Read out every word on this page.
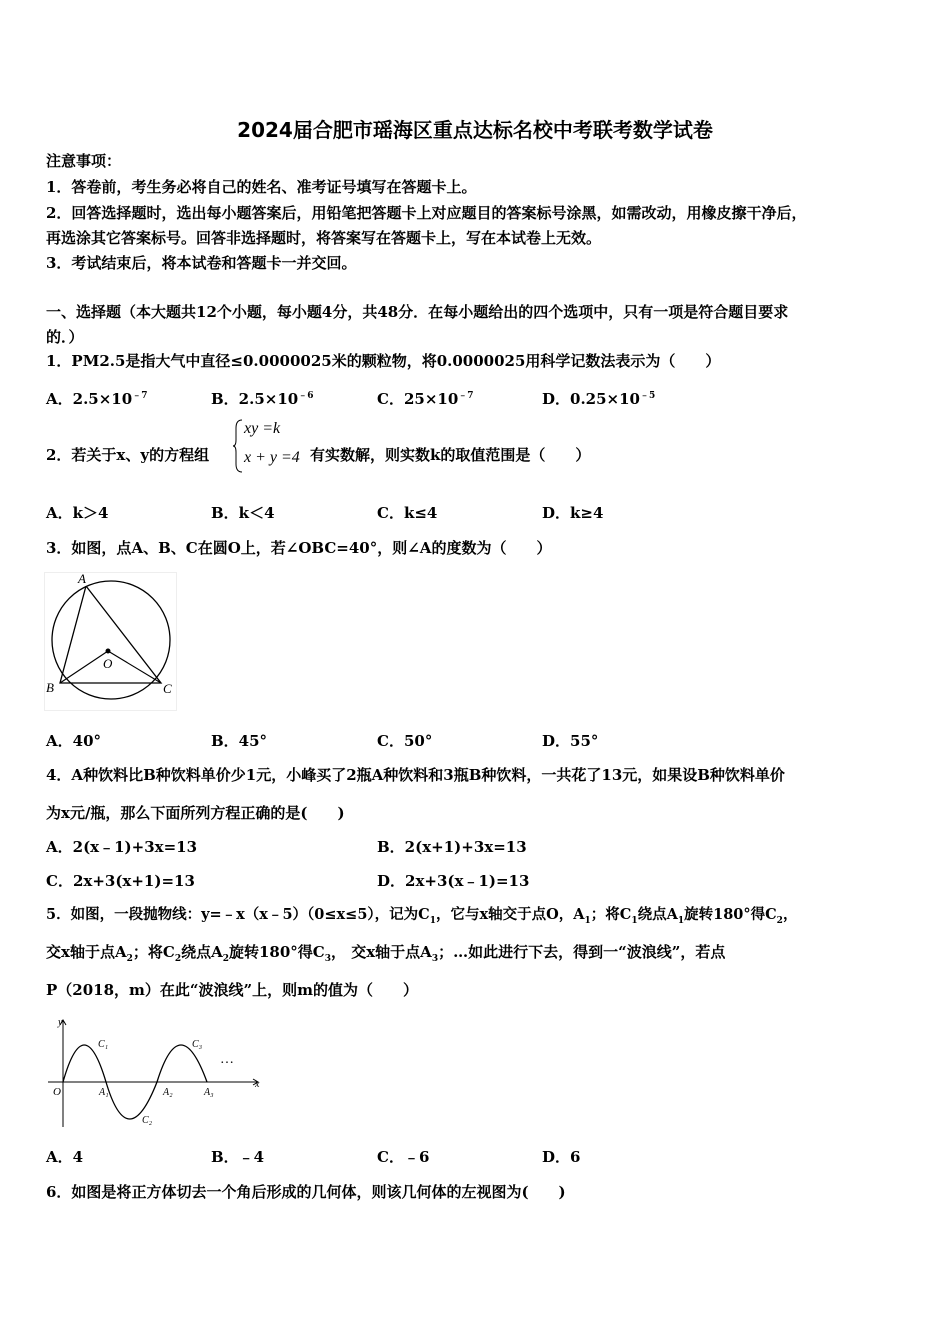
2024届合肥市瑶海区重点达标名校中考联考数学试卷
注意事项：
1．答卷前，考生务必将自己的姓名、准考证号填写在答题卡上。
2．回答选择题时，选出每小题答案后，用铅笔把答题卡上对应题目的答案标号涂黑，如需改动，用橡皮擦干净后，
再选涂其它答案标号。回答非选择题时，将答案写在答题卡上，写在本试卷上无效。
3．考试结束后，将本试卷和答题卡一并交回。
一、选择题（本大题共12个小题，每小题4分，共48分．在每小题给出的四个选项中，只有一项是符合题目要求
的．）
1．PM2.5是指大气中直径≤0.0000025米的颗粒物，将0.0000025用科学记数法表示为（　　）
A．$2.5\times 10^{﹣7}$	B．$2.5\times 10^{﹣6}$	C．$25\times 10^{﹣7}$	D．$0.25\times 10^{﹣5}$
2．若关于x、y的方程组
xy =k
x + y =4 有实数解，则实数k的取值范围是（　　）
A．k＞4	B．k＜4	C．k≤4	D．k≥4
3．如图，点A、B、C在圆O上，若∠OBC=40°，则∠A的度数为（　　）
A
B	C
O
A．40°	B．45°	C．50°	D．55°
4．A种饮料比B种饮料单价少1元，小峰买了2瓶A种饮料和3瓶B种饮料，一共花了13元，如果设B种饮料单价
为x元/瓶，那么下面所列方程正确的是(　　)
A．2(x﹣1)+3x=13	B．2(x+1)+3x=13
C．2x+3(x+1)=13	D．2x+3(x﹣1)=13
5．如图，一段抛物线：y=﹣x（x﹣5）（0≤x≤5），记为$C_1$，它与x轴交于点O，$A_1$；将$C_1$绕点$A_1$旋转180°得$C_2$，
交x轴于点$A_2$；将$C_2$绕点$A_2$旋转180°得$C_3$， 交x轴于点$A_3$；…如此进行下去，得到一“波浪线”，若点
P（2018，m）在此“波浪线”上，则m的值为（　　）
y
x
O
C₁
C₂
C₃
A₁	A₂	A₃
…
A．4	B．﹣4	C．﹣6	D．6
6．如图是将正方体切去一个角后形成的几何体，则该几何体的左视图为(　　)
